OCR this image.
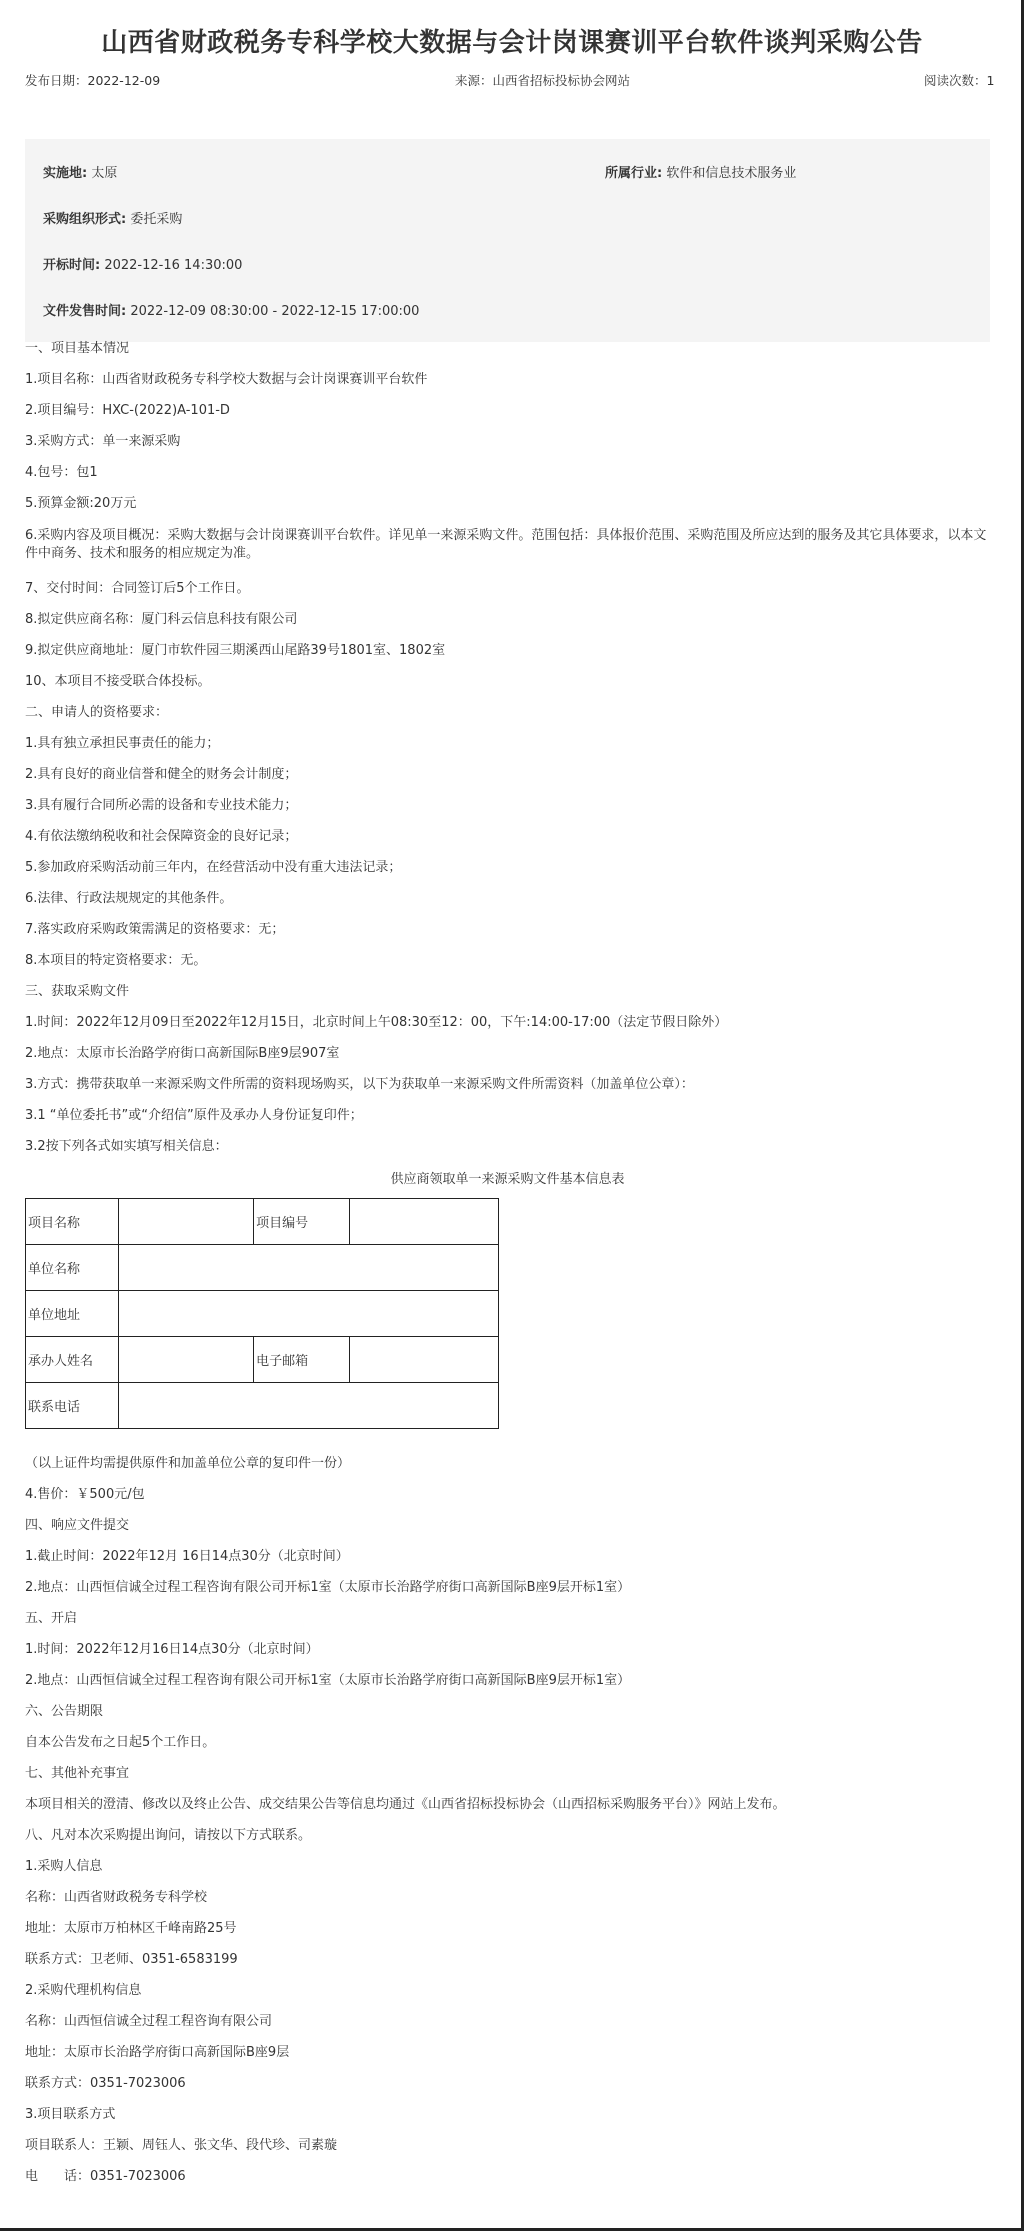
山西省财政税务专科学校大数据与会计岗课赛训平台软件谈判采购公告
发布日期：2022-12-09	来源：山西省招标投标协会网站	阅读次数：1
实施地: 太原	所属行业: 软件和信息技术服务业
采购组织形式: 委托采购
开标时间: 2022-12-16 14:30:00
文件发售时间: 2022-12-09 08:30:00 - 2022-12-15 17:00:00
一、项目基本情况
1.项目名称：山西省财政税务专科学校大数据与会计岗课赛训平台软件
2.项目编号：HXC-(2022)A-101-D
3.采购方式：单一来源采购
4.包号：包1
5.预算金额:20万元
6.采购内容及项目概况：采购大数据与会计岗课赛训平台软件。详见单一来源采购文件。范围包括：具体报价范围、采购范围及所应达到的服务及其它具体要求，以本文件中商务、技术和服务的相应规定为准。
7、交付时间：合同签订后5个工作日。
8.拟定供应商名称：厦门科云信息科技有限公司
9.拟定供应商地址：厦门市软件园三期溪西山尾路39号1801室、1802室
10、本项目不接受联合体投标。
二、申请人的资格要求：
1.具有独立承担民事责任的能力；
2.具有良好的商业信誉和健全的财务会计制度；
3.具有履行合同所必需的设备和专业技术能力；
4.有依法缴纳税收和社会保障资金的良好记录；
5.参加政府采购活动前三年内，在经营活动中没有重大违法记录；
6.法律、行政法规规定的其他条件。
7.落实政府采购政策需满足的资格要求：无；
8.本项目的特定资格要求：无。
三、获取采购文件
1.时间：2022年12月09日至2022年12月15日，北京时间上午08:30至12：00，下午:14:00-17:00（法定节假日除外）
2.地点：太原市长治路学府街口高新国际B座9层907室
3.方式：携带获取单一来源采购文件所需的资料现场购买，以下为获取单一来源采购文件所需资料（加盖单位公章）：
3.1 “单位委托书”或“介绍信”原件及承办人身份证复印件；
3.2按下列各式如实填写相关信息：
供应商领取单一来源采购文件基本信息表
项目名称		项目编号	
单位名称			
单位地址			
承办人姓名		电子邮箱	
联系电话			
（以上证件均需提供原件和加盖单位公章的复印件一份）
4.售价：￥500元/包
四、响应文件提交
1.截止时间：2022年12月 16日14点30分（北京时间）
2.地点：山西恒信诚全过程工程咨询有限公司开标1室（太原市长治路学府街口高新国际B座9层开标1室）
五、开启
1.时间：2022年12月16日14点30分（北京时间）
2.地点：山西恒信诚全过程工程咨询有限公司开标1室（太原市长治路学府街口高新国际B座9层开标1室）
六、公告期限
自本公告发布之日起5个工作日。
七、其他补充事宜
本项目相关的澄清、修改以及终止公告、成交结果公告等信息均通过《山西省招标投标协会（山西招标采购服务平台）》网站上发布。
八、凡对本次采购提出询问，请按以下方式联系。
1.采购人信息
名称：山西省财政税务专科学校
地址：太原市万柏林区千峰南路25号
联系方式：卫老师、0351-6583199
2.采购代理机构信息
名称：山西恒信诚全过程工程咨询有限公司
地址：太原市长治路学府街口高新国际B座9层
联系方式：0351-7023006
3.项目联系方式
项目联系人：王颖、周钰人、张文华、段代珍、司素璇
电　　话：0351-7023006
